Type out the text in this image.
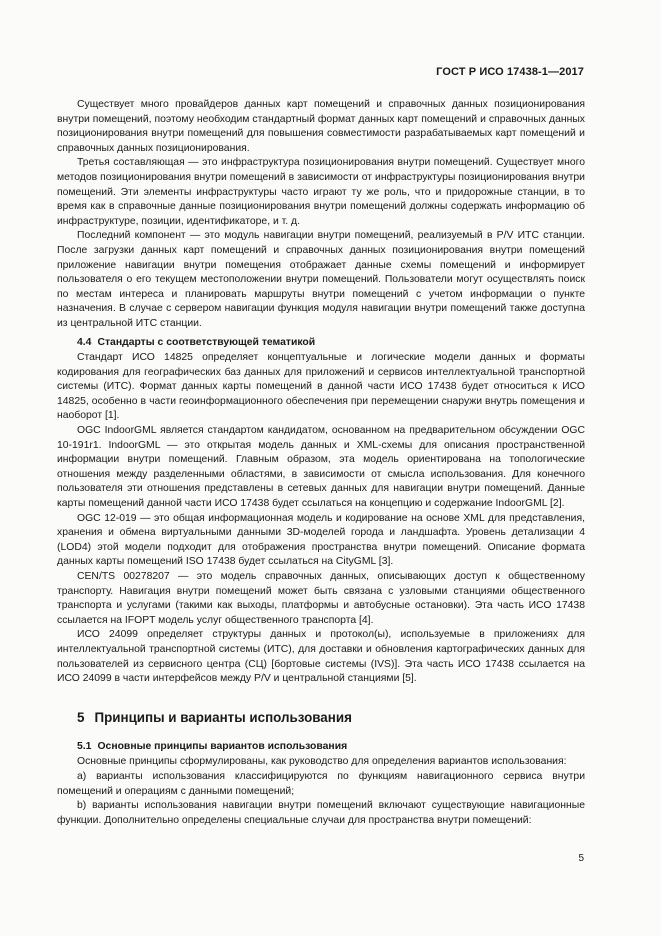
ГОСТ Р ИСО 17438-1—2017

Существует много провайдеров данных карт помещений и справочных данных позиционирования внутри помещений, поэтому необходим стандартный формат данных карт помещений и справочных данных позиционирования внутри помещений для повышения совместимости разрабатываемых карт помещений и справочных данных позиционирования.

Третья составляющая — это инфраструктура позиционирования внутри помещений. Существует много методов позиционирования внутри помещений в зависимости от инфраструктуры позиционирования внутри помещений. Эти элементы инфраструктуры часто играют ту же роль, что и придорожные станции, в то время как в справочные данные позиционирования внутри помещений должны содержать информацию об инфраструктуре, позиции, идентификаторе, и т. д.

Последний компонент — это модуль навигации внутри помещений, реализуемый в P/V ИТС станции. После загрузки данных карт помещений и справочных данных позиционирования внутри помещений приложение навигации внутри помещения отображает данные схемы помещений и информирует пользователя о его текущем местоположении внутри помещений. Пользователи могут осуществлять поиск по местам интереса и планировать маршруты внутри помещений с учетом информации о пункте назначения. В случае с сервером навигации функция модуля навигации внутри помещений также доступна из центральной ИТС станции.

4.4 Стандарты с соответствующей тематикой

Стандарт ИСО 14825 определяет концептуальные и логические модели данных и форматы кодирования для географических баз данных для приложений и сервисов интеллектуальной транспортной системы (ИТС). Формат данных карты помещений в данной части ИСО 17438 будет относиться к ИСО 14825, особенно в части геоинформационного обеспечения при перемещении снаружи внутрь помещения и наоборот [1].

OGC IndoorGML является стандартом кандидатом, основанном на предварительном обсуждении OGC 10-191r1. IndoorGML — это открытая модель данных и XML-схемы для описания пространственной информации внутри помещений. Главным образом, эта модель ориентирована на топологические отношения между разделенными областями, в зависимости от смысла использования. Для конечного пользователя эти отношения представлены в сетевых данных для навигации внутри помещений. Данные карты помещений данной части ИСО 17438 будет ссылаться на концепцию и содержание IndoorGML [2].

OGC 12-019 — это общая информационная модель и кодирование на основе XML для представления, хранения и обмена виртуальными данными 3D-моделей города и ландшафта. Уровень детализации 4 (LOD4) этой модели подходит для отображения пространства внутри помещений. Описание формата данных карты помещений ISO 17438 будет ссылаться на CityGML [3].

CEN/TS 00278207 — это модель справочных данных, описывающих доступ к общественному транспорту. Навигация внутри помещений может быть связана с узловыми станциями общественного транспорта и услугами (такими как выходы, платформы и автобусные остановки). Эта часть ИСО 17438 ссылается на IFOPT модель услуг общественного транспорта [4].

ИСО 24099 определяет структуры данных и протокол(ы), используемые в приложениях для интеллектуальной транспортной системы (ИТС), для доставки и обновления картографических данных для пользователей из сервисного центра (СЦ) [бортовые системы (IVS)]. Эта часть ИСО 17438 ссылается на ИСО 24099 в части интерфейсов между P/V и центральной станциями [5].

5 Принципы и варианты использования
5.1 Основные принципы вариантов использования

Основные принципы сформулированы, как руководство для определения вариантов использования:

a) варианты использования классифицируются по функциям навигационного сервиса внутри помещений и операциям с данными помещений;

b) варианты использования навигации внутри помещений включают существующие навигационные функции. Дополнительно определены специальные случаи для пространства внутри помещений:

5
